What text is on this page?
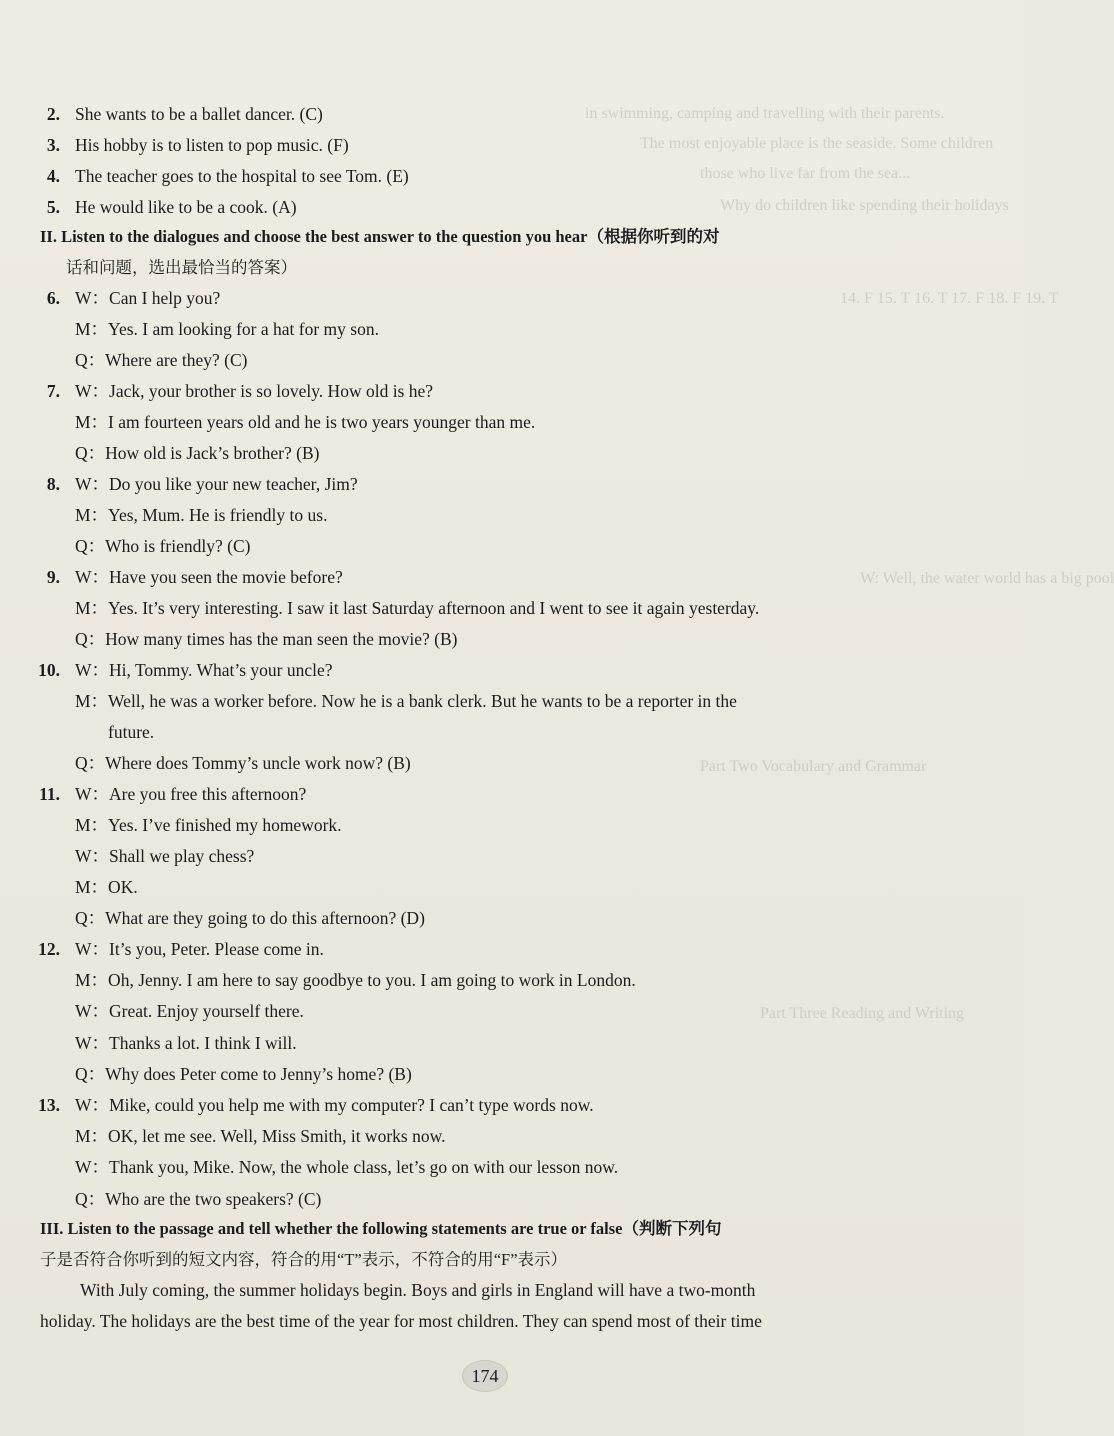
in swimming, camping and travelling with their parents.
The most enjoyable place is the seaside. Some children
those who live far from the sea...
Why do children like spending their holidays
14. F 15. T 16. T 17. F 18. F 19. T
W: Well, the water world has a big pool
Part Two Vocabulary and Grammar
Part Three Reading and Writing
2. She wants to be a ballet dancer. (C)
3. His hobby is to listen to pop music. (F)
4. The teacher goes to the hospital to see Tom. (E)
5. He would like to be a cook. (A)
II. Listen to the dialogues and choose the best answer to the question you hear（根据你听到的对
话和问题，选出最恰当的答案）
6. W：Can I help you?
M：Yes. I am looking for a hat for my son.
Q：Where are they? (C)
7. W：Jack, your brother is so lovely. How old is he?
M：I am fourteen years old and he is two years younger than me.
Q：How old is Jack’s brother? (B)
8. W：Do you like your new teacher, Jim?
M：Yes, Mum. He is friendly to us.
Q：Who is friendly? (C)
9. W：Have you seen the movie before?
M：Yes. It’s very interesting. I saw it last Saturday afternoon and I went to see it again yesterday.
Q：How many times has the man seen the movie? (B)
10. W：Hi, Tommy. What’s your uncle?
M：Well, he was a worker before. Now he is a bank clerk. But he wants to be a reporter in the
future.
Q：Where does Tommy’s uncle work now? (B)
11. W：Are you free this afternoon?
M：Yes. I’ve finished my homework.
W：Shall we play chess?
M：OK.
Q：What are they going to do this afternoon? (D)
12. W：It’s you, Peter. Please come in.
M：Oh, Jenny. I am here to say goodbye to you. I am going to work in London.
W：Great. Enjoy yourself there.
W：Thanks a lot. I think I will.
Q：Why does Peter come to Jenny’s home? (B)
13. W：Mike, could you help me with my computer? I can’t type words now.
M：OK, let me see. Well, Miss Smith, it works now.
W：Thank you, Mike. Now, the whole class, let’s go on with our lesson now.
Q：Who are the two speakers? (C)
III. Listen to the passage and tell whether the following statements are true or false（判断下列句
子是否符合你听到的短文内容，符合的用“T”表示，不符合的用“F”表示）
With July coming, the summer holidays begin. Boys and girls in England will have a two-month
holiday. The holidays are the best time of the year for most children. They can spend most of their time
174
